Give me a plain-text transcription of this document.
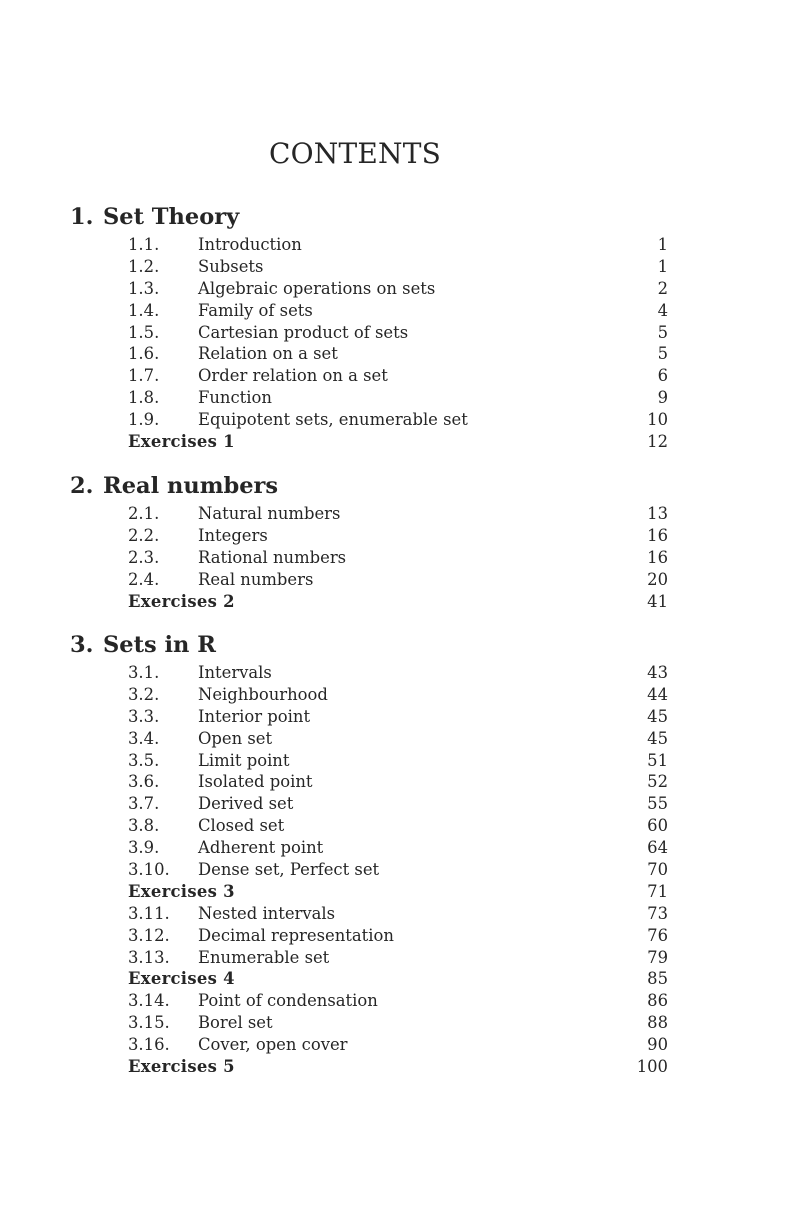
CONTENTS
1. Set Theory
1.1. Introduction	1
1.2. Subsets	1
1.3. Algebraic operations on sets	2
1.4. Family of sets	4
1.5. Cartesian product of sets	5
1.6. Relation on a set	5
1.7. Order relation on a set	6
1.8. Function	9
1.9. Equipotent sets, enumerable set	10
Exercises 1	12
2. Real numbers
2.1. Natural numbers	13
2.2. Integers	16
2.3. Rational numbers	16
2.4. Real numbers	20
Exercises 2	41
3. Sets in R
3.1. Intervals	43
3.2. Neighbourhood	44
3.3. Interior point	45
3.4. Open set	45
3.5. Limit point	51
3.6. Isolated point	52
3.7. Derived set	55
3.8. Closed set	60
3.9. Adherent point	64
3.10. Dense set, Perfect set	70
Exercises 3	71
3.11. Nested intervals	73
3.12. Decimal representation	76
3.13. Enumerable set	79
Exercises 4	85
3.14. Point of condensation	86
3.15. Borel set	88
3.16. Cover, open cover	90
Exercises 5	100
